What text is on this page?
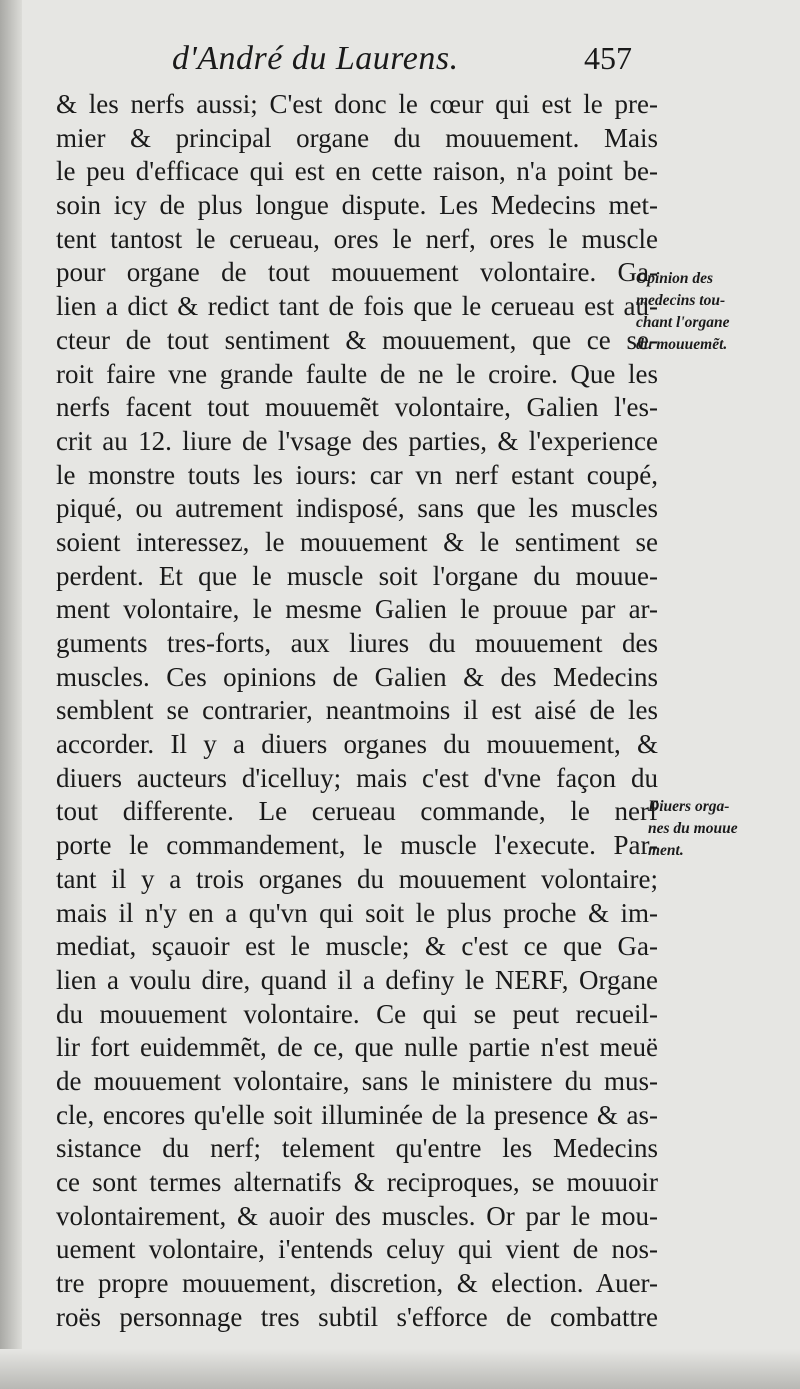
d'André du Laurens.	457
& les nerfs aussi; C'est donc le cœur qui est le pre-
mier & principal organe du mouuement. Mais
le peu d'efficace qui est en cette raison, n'a point be-
soin icy de plus longue dispute. Les Medecins met-
tent tantost le cerueau, ores le nerf, ores le muscle
pour organe de tout mouuement volontaire. Ga-
lien a dict & redict tant de fois que le cerueau est au-
cteur de tout sentiment & mouuement, que ce se-
roit faire vne grande faulte de ne le croire. Que les
nerfs facent tout mouuemẽt volontaire, Galien l'es-
crit au 12. liure de l'vsage des parties, & l'experience
le monstre touts les iours: car vn nerf estant coupé,
piqué, ou autrement indisposé, sans que les muscles
soient interessez, le mouuement & le sentiment se
perdent. Et que le muscle soit l'organe du mouue-
ment volontaire, le mesme Galien le prouue par ar-
guments tres-forts, aux liures du mouuement des
muscles. Ces opinions de Galien & des Medecins
semblent se contrarier, neantmoins il est aisé de les
accorder. Il y a diuers organes du mouuement, &
diuers aucteurs d'icelluy; mais c'est d'vne façon du
tout differente. Le cerueau commande, le nerf
porte le commandement, le muscle l'execute. Par-
tant il y a trois organes du mouuement volontaire;
mais il n'y en a qu'vn qui soit le plus proche & im-
mediat, sçauoir est le muscle; & c'est ce que Ga-
lien a voulu dire, quand il a definy le NERF, Organe
du mouuement volontaire. Ce qui se peut recueil-
lir fort euidemmẽt, de ce, que nulle partie n'est meuë
de mouuement volontaire, sans le ministere du mus-
cle, encores qu'elle soit illuminée de la presence & as-
sistance du nerf; telement qu'entre les Medecins
ce sont termes alternatifs & reciproques, se mouuoir
volontairement, & auoir des muscles. Or par le mou-
uement volontaire, i'entends celuy qui vient de nos-
tre propre mouuement, discretion, & election. Auer-
roës personnage tres subtil s'efforce de combattre
Opinion des
medecins tou-
chant l'organe
du mouuemẽt.
Diuers orga-
nes du mouue
ment.
